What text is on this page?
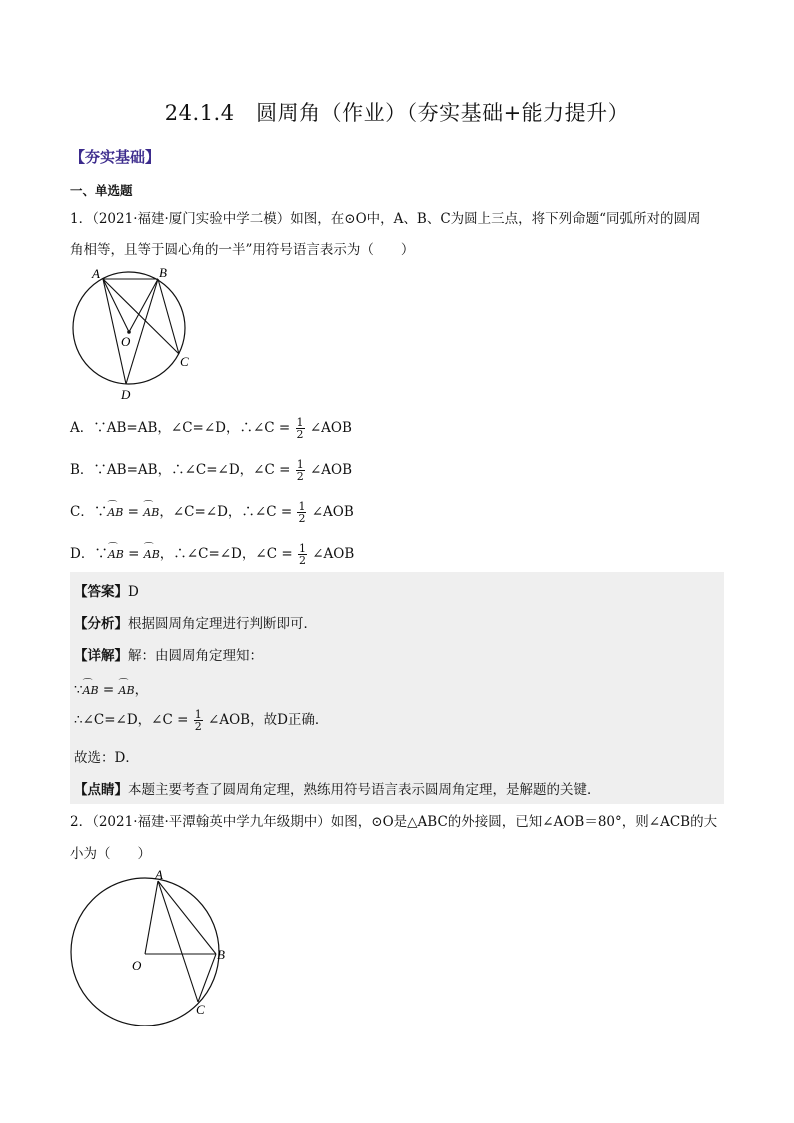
24.1.4　圆周角（作业）（夯实基础+能力提升）
【夯实基础】
一、单选题
1．（2021·福建·厦门实验中学二模）如图，在⊙O中，A、B、C为圆上三点，将下列命题“同弧所对的圆周
角相等，且等于圆心角的一半”用符号语言表示为（　　）
A	B
C
D
O
A．∵AB=AB，∠C=∠D，∴∠C = $\frac{1}{2}$ ∠AOB
B．∵AB=AB，∴∠C=∠D，∠C = $\frac{1}{2}$ ∠AOB
C．∵⌒ AB = ⌒ AB，∠C=∠D，∴∠C = $\frac{1}{2}$ ∠AOB
D．∵⌒ AB = ⌒ AB，∴∠C=∠D，∠C = $\frac{1}{2}$ ∠AOB
【答案】D
【分析】根据圆周角定理进行判断即可．
【详解】解：由圆周角定理知：
∵⌒ AB = ⌒ AB，
∴∠C=∠D，∠C = $\frac{1}{2}$ ∠AOB，故D正确．
故选：D．
【点睛】本题主要考查了圆周角定理，熟练用符号语言表示圆周角定理，是解题的关键．
2．（2021·福建·平潭翰英中学九年级期中）如图，⊙O是△ABC的外接圆，已知∠AOB＝80°，则∠ACB的大
小为（　　）
A
B
C
O
